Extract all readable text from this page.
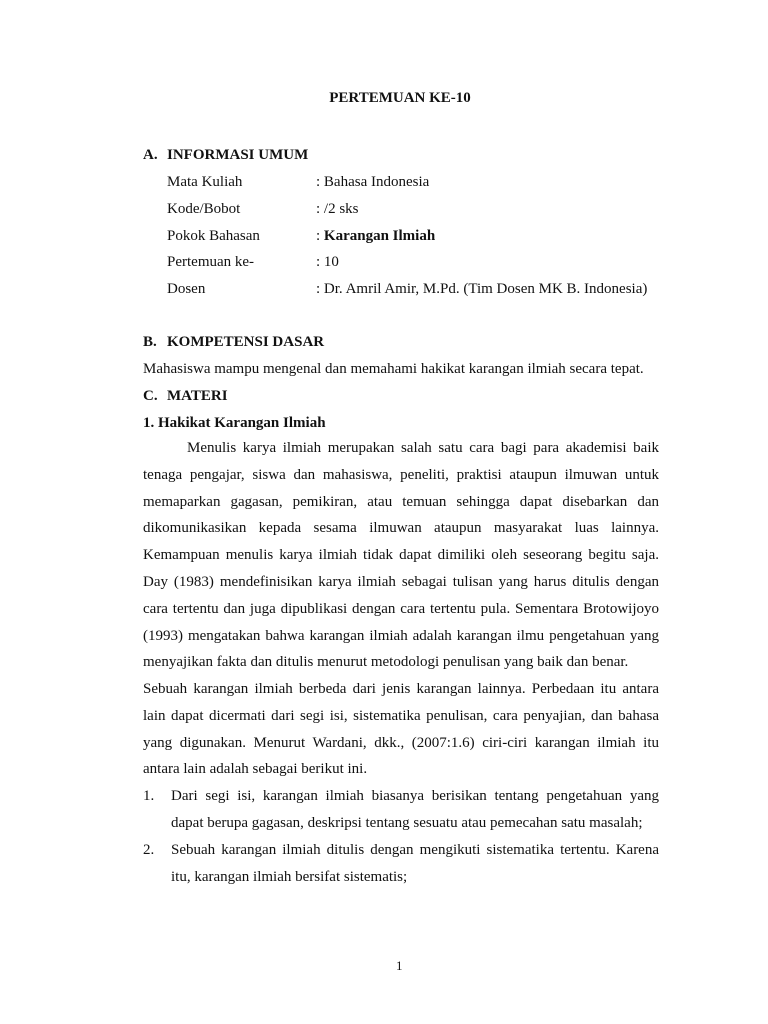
PERTEMUAN KE-10
A. INFORMASI UMUM
Mata Kuliah	: Bahasa Indonesia
Kode/Bobot	: /2 sks
Pokok Bahasan	: Karangan Ilmiah
Pertemuan ke-	: 10
Dosen	: Dr. Amril Amir, M.Pd. (Tim Dosen MK B. Indonesia)
B. KOMPETENSI DASAR
Mahasiswa mampu mengenal dan memahami hakikat karangan ilmiah secara tepat.
C. MATERI
1. Hakikat Karangan Ilmiah
Menulis karya ilmiah merupakan salah satu cara bagi para akademisi baik tenaga pengajar, siswa dan mahasiswa, peneliti, praktisi ataupun ilmuwan untuk memaparkan gagasan, pemikiran, atau temuan sehingga dapat disebarkan dan dikomunikasikan kepada sesama ilmuwan ataupun masyarakat luas lainnya. Kemampuan menulis karya ilmiah tidak dapat dimiliki oleh seseorang begitu saja. Day (1983) mendefinisikan karya ilmiah sebagai tulisan yang harus ditulis dengan cara tertentu dan juga dipublikasi dengan cara tertentu pula. Sementara Brotowijoyo (1993) mengatakan bahwa karangan ilmiah adalah karangan ilmu pengetahuan yang menyajikan fakta dan ditulis menurut metodologi penulisan yang baik dan benar.
Sebuah karangan ilmiah berbeda dari jenis karangan lainnya. Perbedaan itu antara lain dapat dicermati dari segi isi, sistematika penulisan, cara penyajian, dan bahasa yang digunakan. Menurut Wardani, dkk., (2007:1.6) ciri-ciri karangan ilmiah itu antara lain adalah sebagai berikut ini.
1.	Dari segi isi, karangan ilmiah biasanya berisikan tentang pengetahuan yang dapat berupa gagasan, deskripsi tentang sesuatu atau pemecahan satu masalah;
2.	Sebuah karangan ilmiah ditulis dengan mengikuti sistematika tertentu. Karena itu, karangan ilmiah bersifat sistematis;
1
